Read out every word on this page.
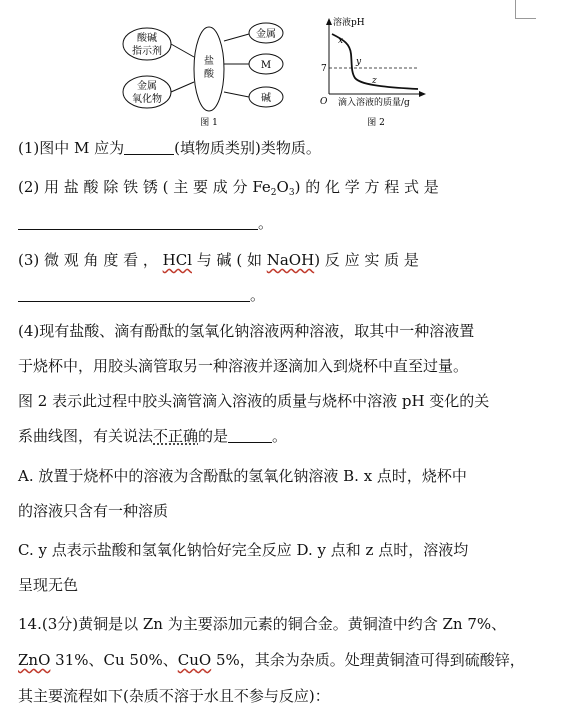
酸碱
指示剂
金属
氧化物
盐
酸
金属
M
碱
图 1
溶液pH
7
O
x
y
z
滴入溶液的质量/g
图 2
(1)图中 M 应为	(填物质类别)类物质。
(2) 用 盐 酸 除 铁 锈 ( 主 要 成 分 $Fe_2O_3$) 的 化 学 方 程 式 是
。
(3) 微 观 角 度 看 ， HCl 与 碱 ( 如 NaOH) 反 应 实 质 是
。
(4)现有盐酸、滴有酚酞的氢氧化钠溶液两种溶液，取其中一种溶液置
于烧杯中，用胶头滴管取另一种溶液并逐滴加入到烧杯中直至过量。
图 2 表示此过程中胶头滴管滴入溶液的质量与烧杯中溶液 pH 变化的关
系曲线图，有关说法不正确的是	。
A. 放置于烧杯中的溶液为含酚酞的氢氧化钠溶液 B. x 点时，烧杯中
的溶液只含有一种溶质
C. y 点表示盐酸和氢氧化钠恰好完全反应 D. y 点和 z 点时，溶液均
呈现无色
14.(3分)黄铜是以 Zn 为主要添加元素的铜合金。黄铜渣中约含 Zn 7%、
ZnO 31%、Cu 50%、CuO 5%，其余为杂质。处理黄铜渣可得到硫酸锌，
其主要流程如下(杂质不溶于水且不参与反应)：
